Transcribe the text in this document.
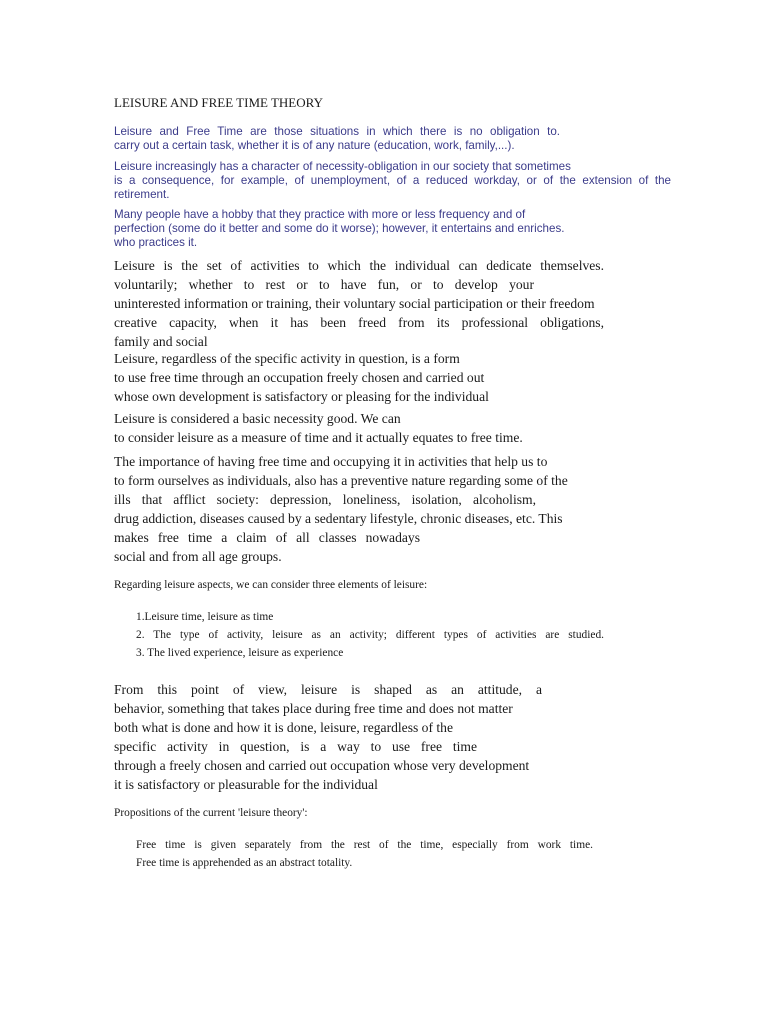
LEISURE AND FREE TIME THEORY

Leisure and Free Time are those situations in which there is no obligation to.
carry out a certain task, whether it is of any nature (education, work, family,...).

Leisure increasingly has a character of necessity-obligation in our society that sometimes
is a consequence, for example, of unemployment, of a reduced workday, or of the extension of the
retirement.

Many people have a hobby that they practice with more or less frequency and of
perfection (some do it better and some do it worse); however, it entertains and enriches.
who practices it.

Leisure is the set of activities to which the individual can dedicate themselves.
voluntarily; whether to rest or to have fun, or to develop your
uninterested information or training, their voluntary social participation or their freedom
creative capacity, when it has been freed from its professional obligations,
family and social

Leisure, regardless of the specific activity in question, is a form
to use free time through an occupation freely chosen and carried out
whose own development is satisfactory or pleasing for the individual

Leisure is considered a basic necessity good. We can
to consider leisure as a measure of time and it actually equates to free time.

The importance of having free time and occupying it in activities that help us to
to form ourselves as individuals, also has a preventive nature regarding some of the
ills that afflict society: depression, loneliness, isolation, alcoholism,
drug addiction, diseases caused by a sedentary lifestyle, chronic diseases, etc. This
makes free time a claim of all classes nowadays
social and from all age groups.

Regarding leisure aspects, we can consider three elements of leisure:

1.Leisure time, leisure as time
2. The type of activity, leisure as an activity; different types of activities are studied.
3. The lived experience, leisure as experience

From this point of view, leisure is shaped as an attitude, a
behavior, something that takes place during free time and does not matter
both what is done and how it is done, leisure, regardless of the
specific activity in question, is a way to use free time
through a freely chosen and carried out occupation whose very development
it is satisfactory or pleasurable for the individual

Propositions of the current 'leisure theory':

Free time is given separately from the rest of the time, especially from work time.
Free time is apprehended as an abstract totality.
